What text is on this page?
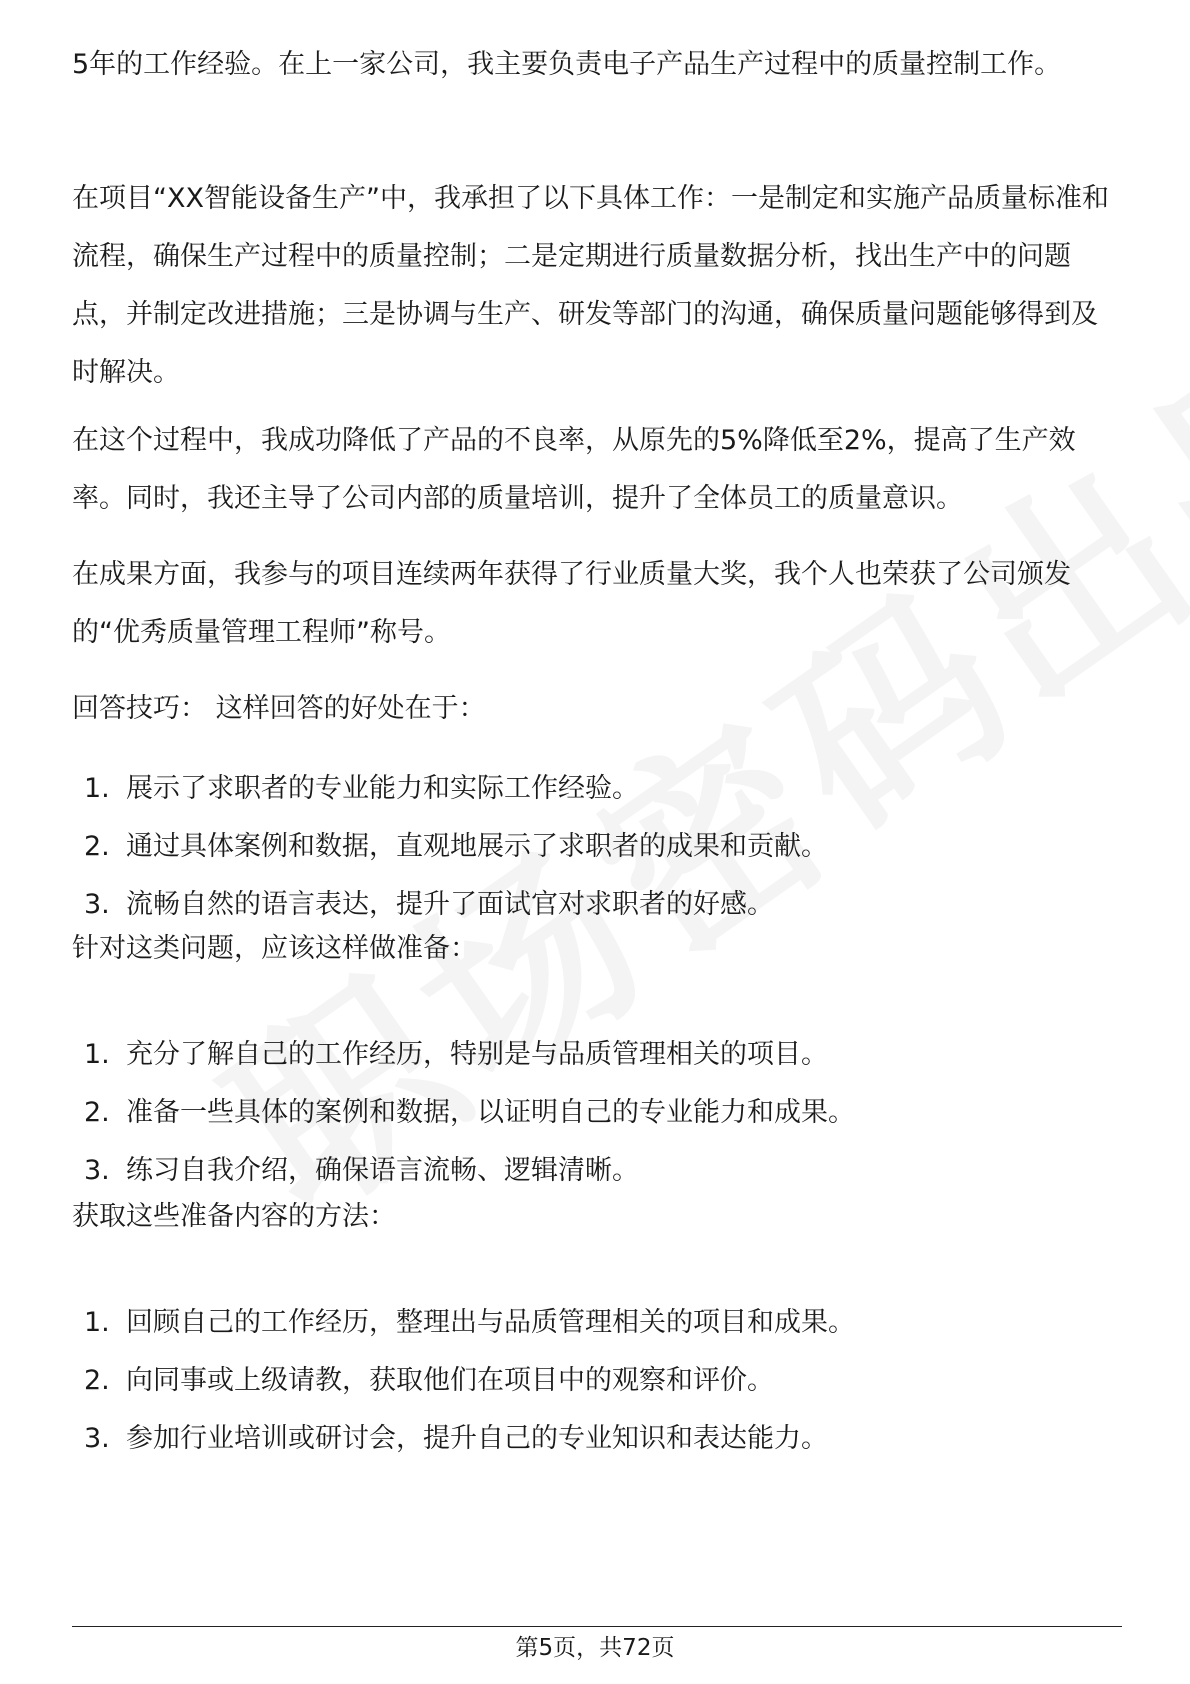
5年的工作经验。在上一家公司，我主要负责电子产品生产过程中的质量控制工作。

在项目“XX智能设备生产”中，我承担了以下具体工作：一是制定和实施产品质量标准和流程，确保生产过程中的质量控制；二是定期进行质量数据分析，找出生产中的问题点，并制定改进措施；三是协调与生产、研发等部门的沟通，确保质量问题能够得到及时解决。

在这个过程中，我成功降低了产品的不良率，从原先的5%降低至2%，提高了生产效率。同时，我还主导了公司内部的质量培训，提升了全体员工的质量意识。

在成果方面，我参与的项目连续两年获得了行业质量大奖，我个人也荣获了公司颁发的“优秀质量管理工程师”称号。

回答技巧： 这样回答的好处在于：

1. 展示了求职者的专业能力和实际工作经验。
2. 通过具体案例和数据，直观地展示了求职者的成果和贡献。
3. 流畅自然的语言表达，提升了面试官对求职者的好感。

针对这类问题，应该这样做准备：

1. 充分了解自己的工作经历，特别是与品质管理相关的项目。
2. 准备一些具体的案例和数据，以证明自己的专业能力和成果。
3. 练习自我介绍，确保语言流畅、逻辑清晰。

获取这些准备内容的方法：

1. 回顾自己的工作经历，整理出与品质管理相关的项目和成果。
2. 向同事或上级请教，获取他们在项目中的观察和评价。
3. 参加行业培训或研讨会，提升自己的专业知识和表达能力。
第5页，共72页
